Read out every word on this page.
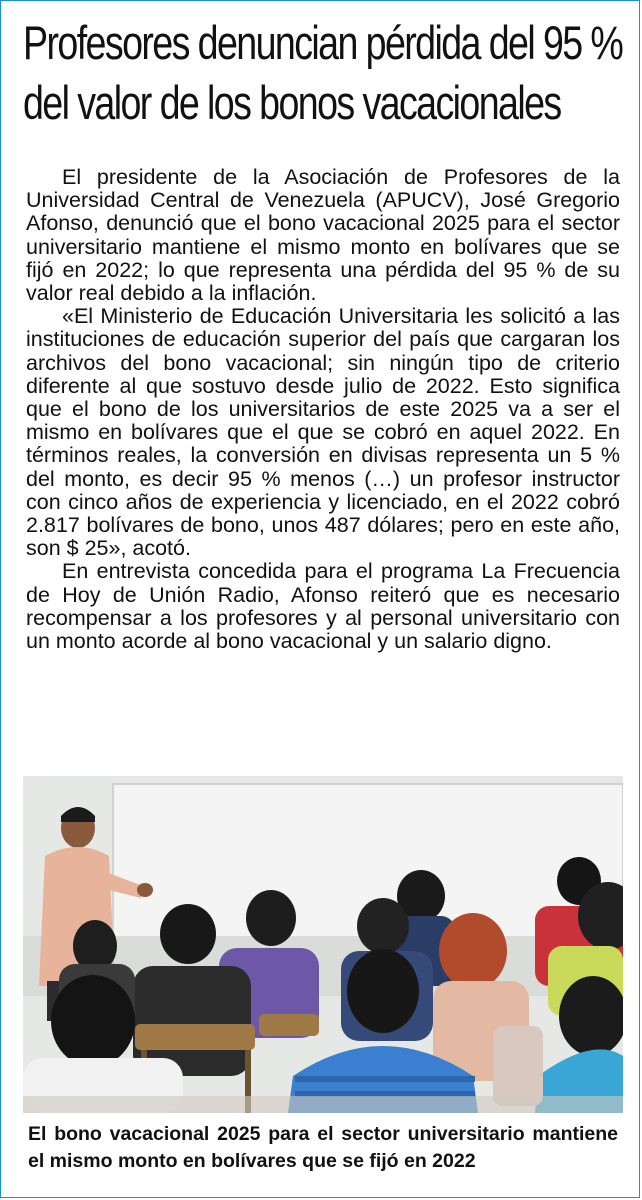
Profesores denuncian pérdida del 95 %
del valor de los bonos vacacionales

El presidente de la Asociación de Profesores de la Universidad Central de Venezuela (APUCV), José Gregorio Afonso, denunció que el bono vacacional 2025 para el sector universitario mantiene el mismo monto en bolívares que se fijó en 2022; lo que representa una pérdida del 95 % de su valor real debido a la inflación.

«El Ministerio de Educación Universitaria les solicitó a las instituciones de educación superior del país que cargaran los archivos del bono vacacional; sin ningún tipo de criterio diferente al que sostuvo desde julio de 2022. Esto significa que el bono de los universitarios de este 2025 va a ser el mismo en bolívares que el que se cobró en aquel 2022. En términos reales, la conversión en divisas representa un 5 % del monto, es decir 95 % menos (…) un profesor instructor con cinco años de experiencia y licenciado, en el 2022 cobró 2.817 bolívares de bono, unos 487 dólares; pero en este año, son $ 25», acotó.

En entrevista concedida para el programa La Frecuencia de Hoy de Unión Radio, Afonso reiteró que es necesario recompensar a los profesores y al personal universitario con un monto acorde al bono vacacional y un salario digno.

El bono vacacional 2025 para el sector universitario mantiene el mismo monto en bolívares que se fijó en 2022
